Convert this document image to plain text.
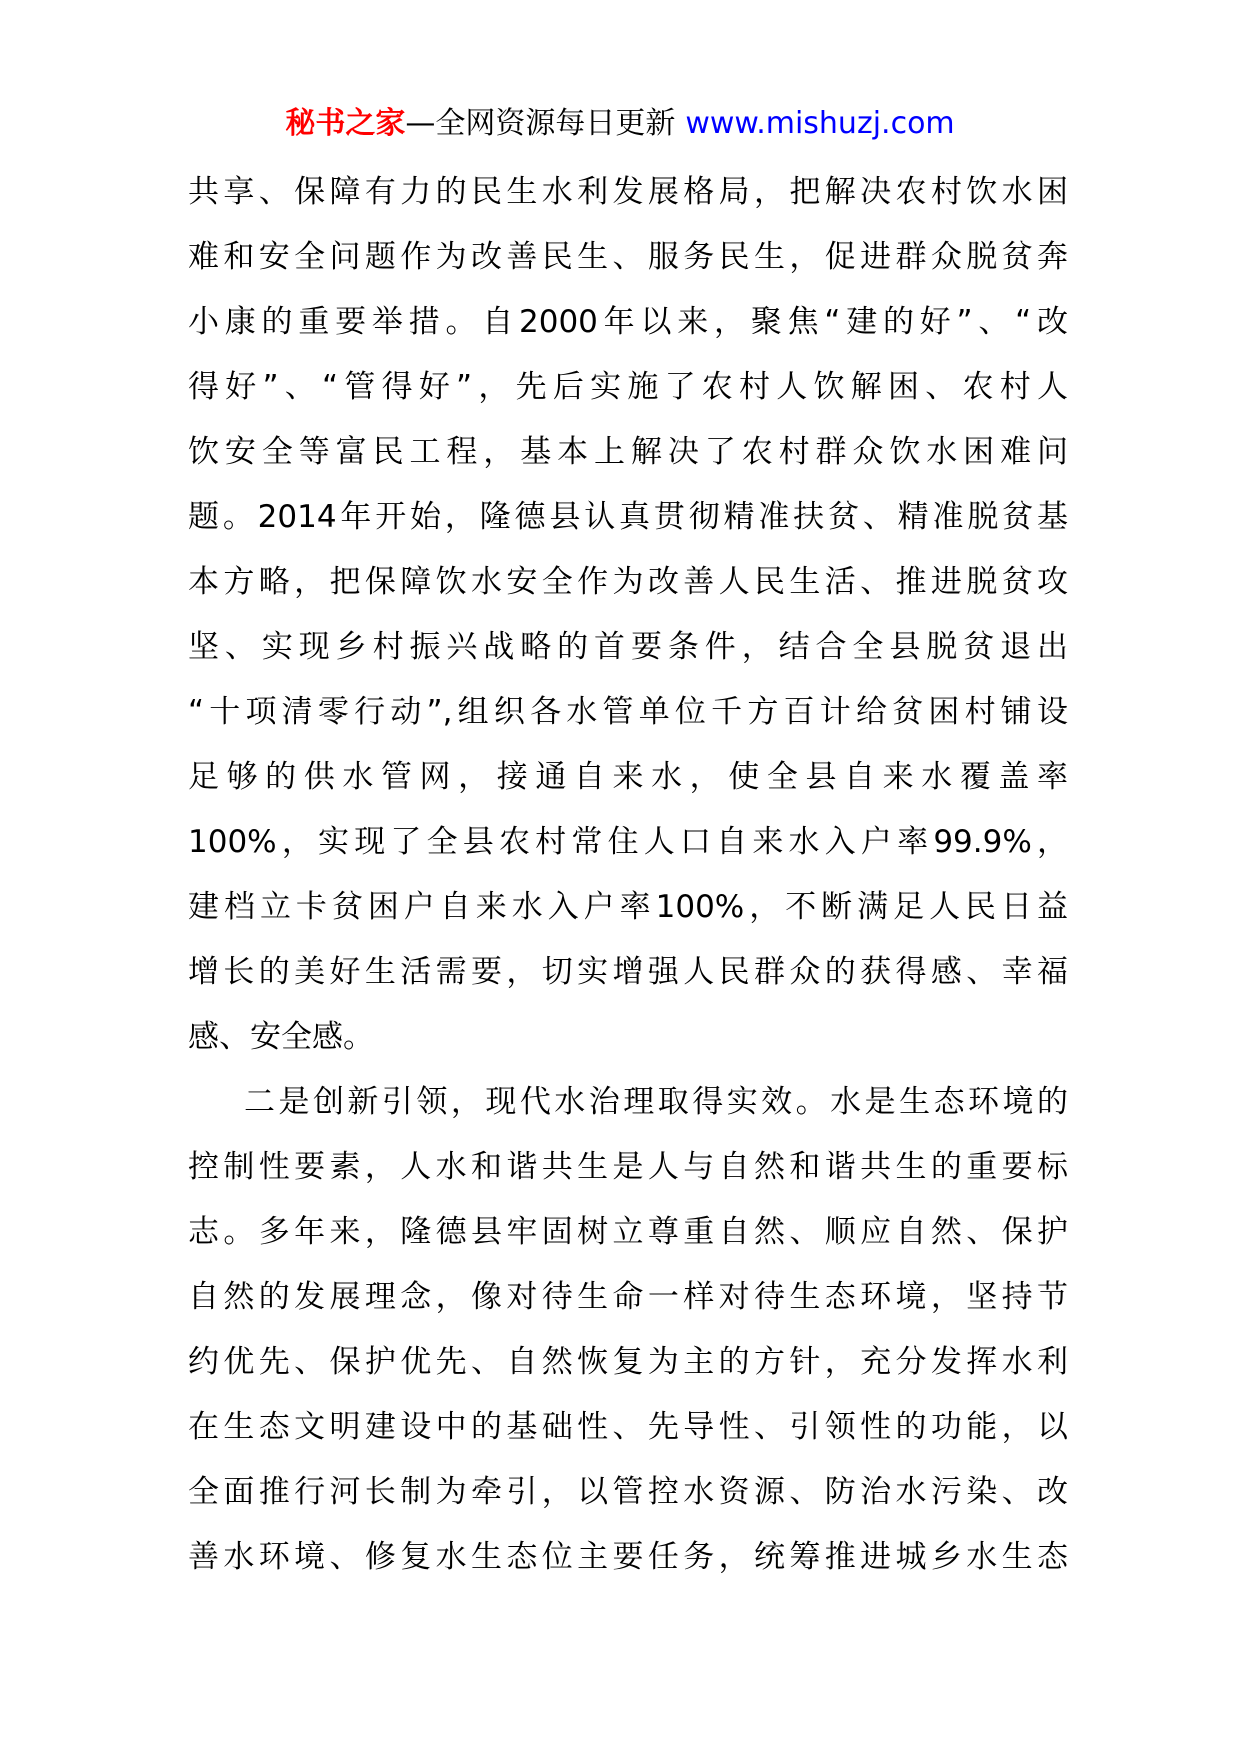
秘书之家—全网资源每日更新 www.mishuzj.com
共享、保障有力的民生水利发展格局，把解决农村饮水困
难和安全问题作为改善民生、服务民生，促进群众脱贫奔
小康的重要举措。自2000年以来，聚焦“建的好”、“改
得好”、“管得好”，先后实施了农村人饮解困、农村人
饮安全等富民工程，基本上解决了农村群众饮水困难问
题。2014年开始，隆德县认真贯彻精准扶贫、精准脱贫基
本方略，把保障饮水安全作为改善人民生活、推进脱贫攻
坚、实现乡村振兴战略的首要条件，结合全县脱贫退出
“十项清零行动”,组织各水管单位千方百计给贫困村铺设
足够的供水管网，接通自来水，使全县自来水覆盖率
100%，实现了全县农村常住人口自来水入户率99.9%，
建档立卡贫困户自来水入户率100%，不断满足人民日益
增长的美好生活需要，切实增强人民群众的获得感、幸福
感、安全感。
二是创新引领，现代水治理取得实效。水是生态环境的
控制性要素，人水和谐共生是人与自然和谐共生的重要标
志。多年来，隆德县牢固树立尊重自然、顺应自然、保护
自然的发展理念，像对待生命一样对待生态环境，坚持节
约优先、保护优先、自然恢复为主的方针，充分发挥水利
在生态文明建设中的基础性、先导性、引领性的功能，以
全面推行河长制为牵引，以管控水资源、防治水污染、改
善水环境、修复水生态位主要任务，统筹推进城乡水生态
